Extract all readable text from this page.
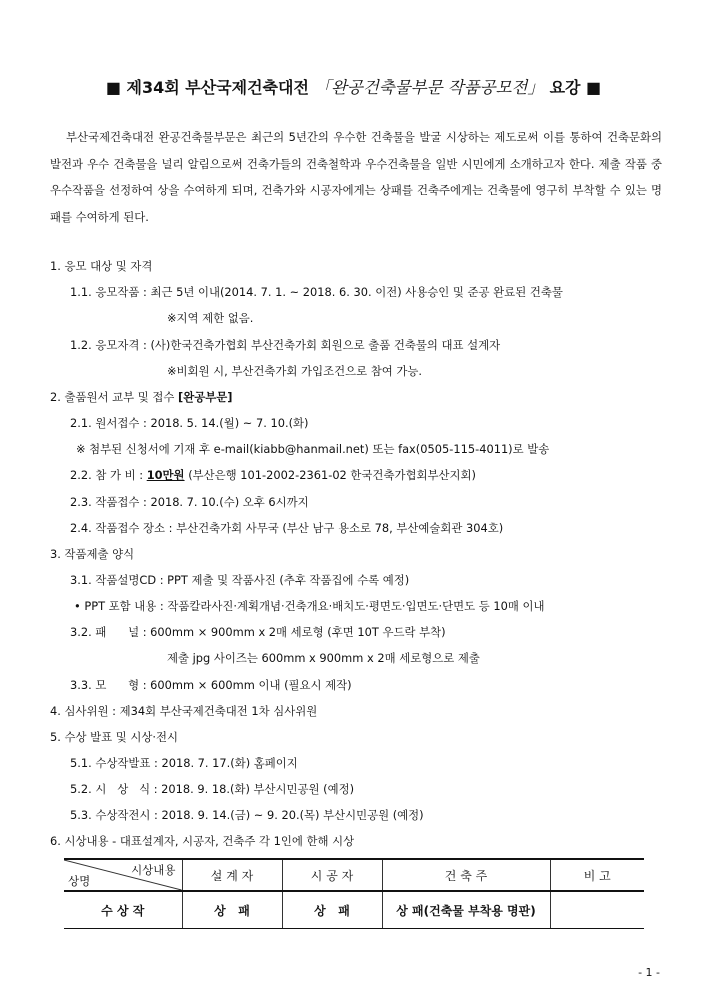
■ 제34회 부산국제건축대전 「완공건축물부문 작품공모전」 요강 ■
부산국제건축대전 완공건축물부문은 최근의 5년간의 우수한 건축물을 발굴 시상하는 제도로써 이를 통하여 건축문화의 발전과 우수 건축물을 널리 알림으로써 건축가들의 건축철학과 우수건축물을 일반 시민에게 소개하고자 한다. 제출 작품 중 우수작품을 선정하여 상을 수여하게 되며, 건축가와 시공자에게는 상패를 건축주에게는 건축물에 영구히 부착할 수 있는 명패를 수여하게 된다.
1. 응모 대상 및 자격
1.1. 응모작품 : 최근 5년 이내(2014. 7. 1. ~ 2018. 6. 30. 이전) 사용승인 및 준공 완료된 건축물
※지역 제한 없음.
1.2. 응모자격 : (사)한국건축가협회 부산건축가회 회원으로 출품 건축물의 대표 설계자
※비회원 시, 부산건축가회 가입조건으로 참여 가능.
2. 출품원서 교부 및 접수 [완공부문]
2.1. 원서접수 : 2018. 5. 14.(월) ~ 7. 10.(화)
※ 첨부된 신청서에 기재 후 e-mail(kiabb@hanmail.net) 또는 fax(0505-115-4011)로 발송
2.2. 참 가 비 : 10만원 (부산은행 101-2002-2361-02 한국건축가협회부산지회)
2.3. 작품접수 : 2018. 7. 10.(수) 오후 6시까지
2.4. 작품접수 장소 : 부산건축가회 사무국 (부산 남구 용소로 78, 부산예술회관 304호)
3. 작품제출 양식
3.1. 작품설명CD : PPT 제출 및 작품사진 (추후 작품집에 수록 예정)
• PPT 포함 내용 : 작품칼라사진·계획개념·건축개요·배치도·평면도·입면도·단면도 등 10매 이내
3.2. 패      널 : 600mm × 900mm x 2매 세로형 (후면 10T 우드락 부착)
제출 jpg 사이즈는 600mm x 900mm x 2매 세로형으로 제출
3.3. 모      형 : 600mm × 600mm 이내 (필요시 제작)
4. 심사위원 : 제34회 부산국제건축대전 1차 심사위원
5. 수상 발표 및 시상·전시
5.1. 수상작발표 : 2018. 7. 17.(화) 홈페이지
5.2. 시   상   식 : 2018. 9. 18.(화) 부산시민공원 (예정)
5.3. 수상작전시 : 2018. 9. 14.(금) ~ 9. 20.(목) 부산시민공원 (예정)
6. 시상내용 - 대표설계자, 시공자, 건축주 각 1인에 한해 시상
시상내용
상명	설 계 자	시 공 자	건 축 주	비 고
수 상 작	상   패	상   패	상 패(건축물 부착용 명판)	
- 1 -
